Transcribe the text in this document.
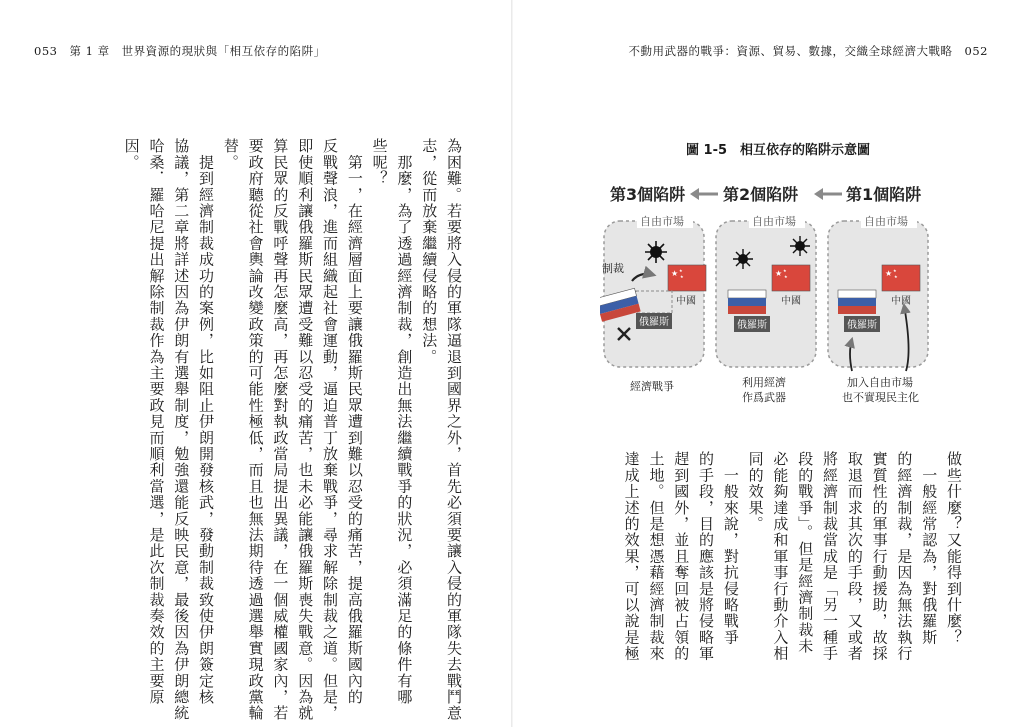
053　第 1 章　世界資源的現狀與「相互依存的陷阱」	不動用武器的戰爭：資源、貿易、數據，交織全球經濟大戰略　052

為困難。若要將入侵的軍隊逼退到國界之外，首先必須要讓入侵的軍隊失去戰鬥意

志，從而放棄繼續侵略的想法。

　那麼，為了透過經濟制裁，創造出無法繼續戰爭的狀況，必須滿足的條件有哪

些呢？

　第一，在經濟層面上要讓俄羅斯民眾遭到難以忍受的痛苦，提高俄羅斯國內的

反戰聲浪，進而組織起社會運動，逼迫普丁放棄戰爭，尋求解除制裁之道。但是，

即使順利讓俄羅斯民眾遭受難以忍受的痛苦，也未必能讓俄羅斯喪失戰意。因為就

算民眾的反戰呼聲再怎麼高，再怎麼對執政當局提出異議，在一個威權國家內，若

要政府聽從社會輿論改變政策的可能性極低，而且也無法期待透過選舉實現政黨輪

替。

　提到經濟制裁成功的案例，比如阻止伊朗開發核武，發動制裁致使伊朗簽定核

協議，第二章將詳述因為伊朗有選舉制度，勉強還能反映民意，最後因為伊朗總統

哈桑．羅哈尼提出解除制裁作為主要政見而順利當選，是此次制裁奏效的主要原

因。	圖 1-5　相互依存的陷阱示意圖
第3個陷阱 第2個陷阱	第1個陷阱
自由市場
★ ★
★
中國
制裁
俄羅斯
自由市場
★ ★
★
中國
俄羅斯
自由市場
★ ★
★
中國
俄羅斯
經濟戰爭	利用經濟
作爲武器
加入自由市場
也不實現民主化

做些什麼？又能得到什麼？

　一般經常認為，對俄羅斯

的經濟制裁，是因為無法執行

實質性的軍事行動援助，故採

取退而求其次的手段，又或者

將經濟制裁當成是「另一種手

段的戰爭」。但是經濟制裁未

必能夠達成和軍事行動介入相

同的效果。

　一般來說，對抗侵略戰爭

的手段，目的應該是將侵略軍

趕到國外，並且奪回被占領的

土地。但是想憑藉經濟制裁來

達成上述的效果，可以說是極
